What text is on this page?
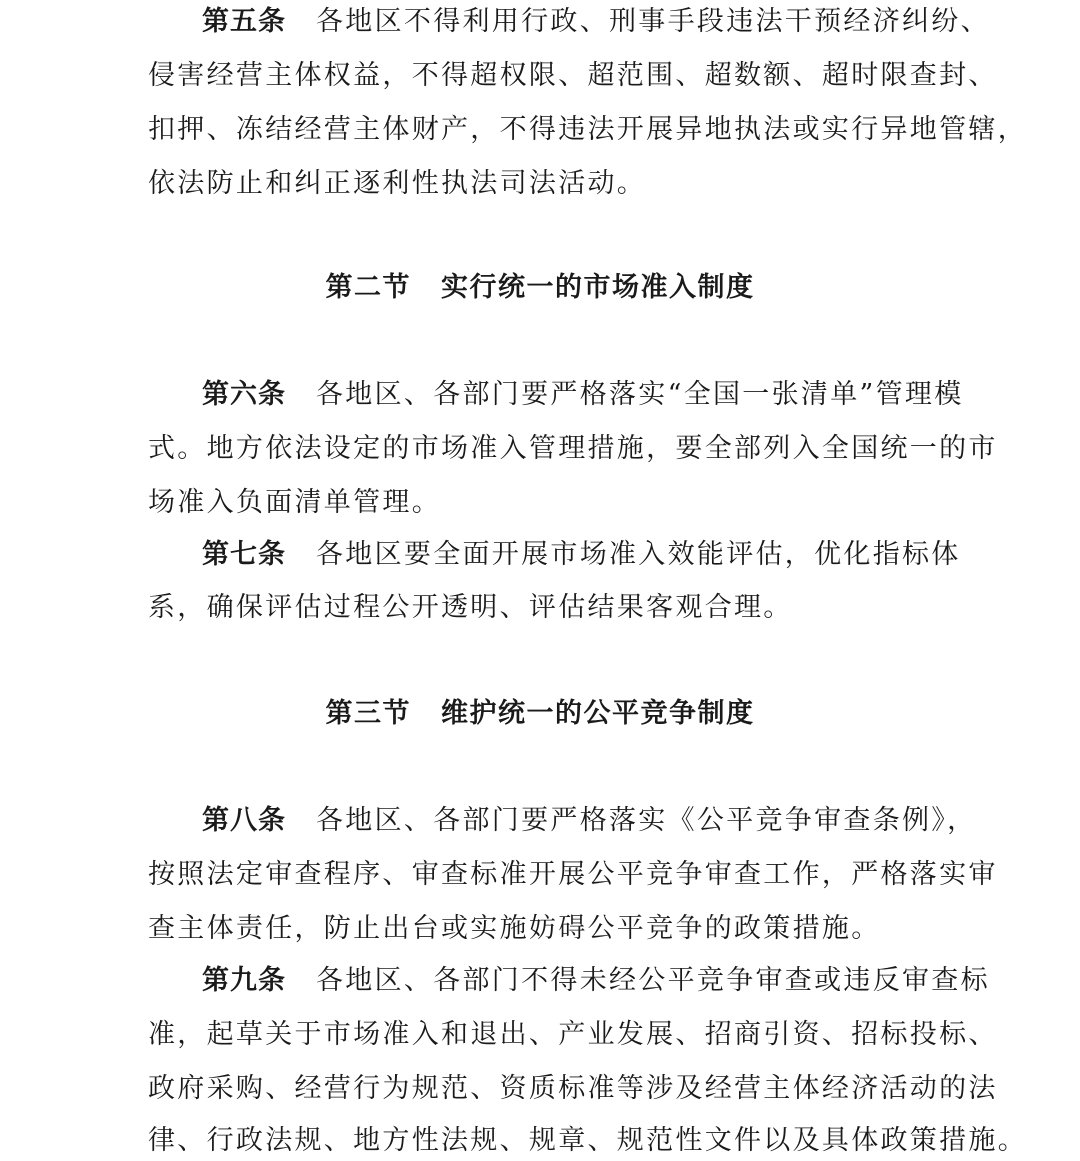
第五条 各地区不得利用行政、刑事手段违法干预经济纠纷、
侵害经营主体权益，不得超权限、超范围、超数额、超时限查封、
扣押、冻结经营主体财产，不得违法开展异地执法或实行异地管辖，
依法防止和纠正逐利性执法司法活动。
第二节 实行统一的市场准入制度
第六条 各地区、各部门要严格落实“全国一张清单”管理模
式。地方依法设定的市场准入管理措施，要全部列入全国统一的市
场准入负面清单管理。
第七条 各地区要全面开展市场准入效能评估，优化指标体
系，确保评估过程公开透明、评估结果客观合理。
第三节 维护统一的公平竞争制度
第八条 各地区、各部门要严格落实《公平竞争审查条例》，
按照法定审查程序、审查标准开展公平竞争审查工作，严格落实审
查主体责任，防止出台或实施妨碍公平竞争的政策措施。
第九条 各地区、各部门不得未经公平竞争审查或违反审查标
准，起草关于市场准入和退出、产业发展、招商引资、招标投标、
政府采购、经营行为规范、资质标准等涉及经营主体经济活动的法
律、行政法规、地方性法规、规章、规范性文件以及具体政策措施。
